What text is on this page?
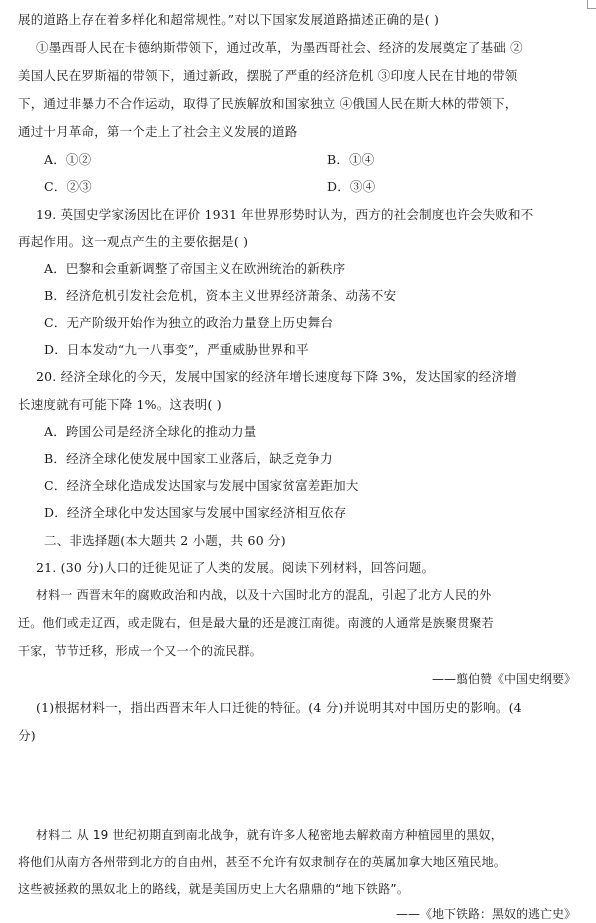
展的道路上存在着多样化和超常规性。”对以下国家发展道路描述正确的是( )
①墨西哥人民在卡德纳斯带领下，通过改革，为墨西哥社会、经济的发展奠定了基础 ②
美国人民在罗斯福的带领下，通过新政，摆脱了严重的经济危机 ③印度人民在甘地的带领
下，通过非暴力不合作运动，取得了民族解放和国家独立 ④俄国人民在斯大林的带领下，
通过十月革命，第一个走上了社会主义发展的道路
A．①②	B．①④
C．②③	D．③④
19. 英国史学家汤因比在评价 1931 年世界形势时认为，西方的社会制度也许会失败和不
再起作用。这一观点产生的主要依据是( )
A．巴黎和会重新调整了帝国主义在欧洲统治的新秩序
B．经济危机引发社会危机，资本主义世界经济萧条、动荡不安
C．无产阶级开始作为独立的政治力量登上历史舞台
D．日本发动“九一八事变”，严重威胁世界和平
20. 经济全球化的今天，发展中国家的经济年增长速度每下降 3%，发达国家的经济增
长速度就有可能下降 1%。这表明( )
A．跨国公司是经济全球化的推动力量
B．经济全球化使发展中国家工业落后，缺乏竞争力
C．经济全球化造成发达国家与发展中国家贫富差距加大
D．经济全球化中发达国家与发展中国家经济相互依存
二、非选择题(本大题共 2 小题，共 60 分)
21. (30 分)人口的迁徙见证了人类的发展。阅读下列材料，回答问题。
材料一 西晋末年的腐败政治和内战，以及十六国时北方的混乱，引起了北方人民的外
迁。他们或走辽西，或走陇右，但是最大量的还是渡江南徙。南渡的人通常是族聚贯聚若
干家，节节迁移，形成一个又一个的流民群。
——翦伯赞《中国史纲要》
(1)根据材料一，指出西晋末年人口迁徙的特征。(4 分)并说明其对中国历史的影响。(4
分)
材料二 从 19 世纪初期直到南北战争，就有许多人秘密地去解救南方种植园里的黑奴，
将他们从南方各州带到北方的自由州，甚至不允许有奴隶制存在的英属加拿大地区殖民地。
这些被拯救的黑奴北上的路线，就是美国历史上大名鼎鼎的“地下铁路”。
——《地下铁路：黑奴的逃亡史》
